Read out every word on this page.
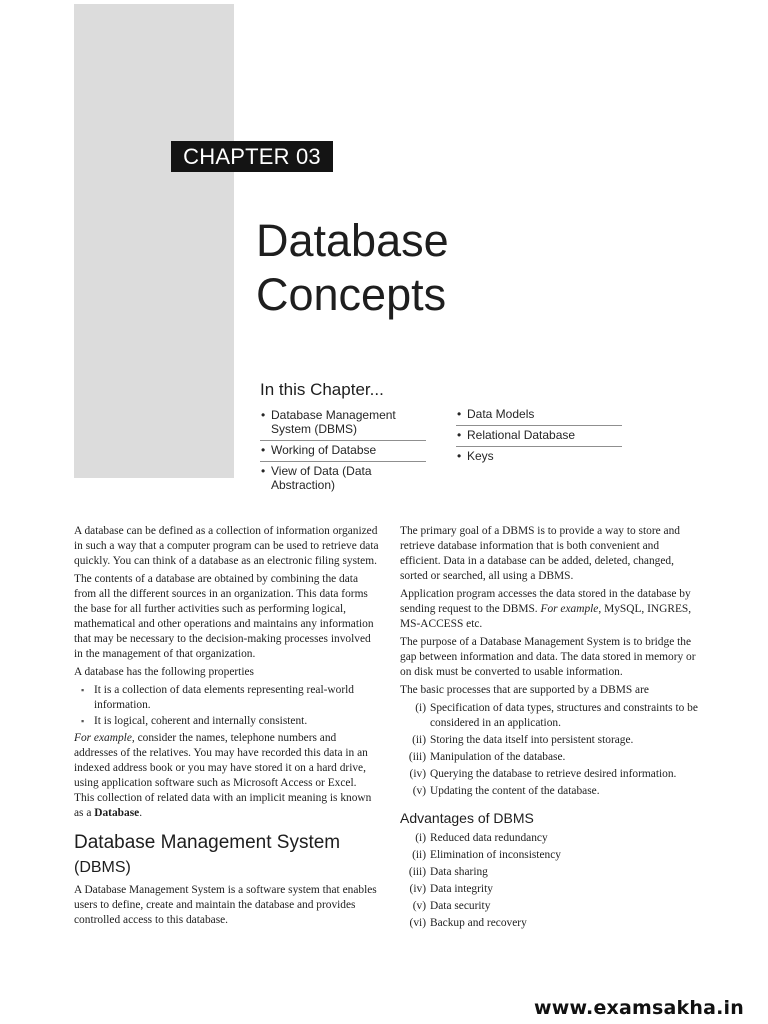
CHAPTER 03
Database
Concepts
In this Chapter...
• Database Management System (DBMS)
• Working of Databse
• View of Data (Data Abstraction)
• Data Models
• Relational Database
• Keys

A database can be defined as a collection of information organized in such a way that a computer program can be used to retrieve data quickly. You can think of a database as an electronic filing system.

The contents of a database are obtained by combining the data from all the different sources in an organization. This data forms the base for all further activities such as performing logical, mathematical and other operations and maintains any information that may be necessary to the decision-making processes involved in the management of that organization.

A database has the following properties

▪ It is a collection of data elements representing real-world information.
▪ It is logical, coherent and internally consistent.

For example, consider the names, telephone numbers and addresses of the relatives. You may have recorded this data in an indexed address book or you may have stored it on a hard drive, using application software such as Microsoft Access or Excel. This collection of related data with an implicit meaning is known as a Database.

Database Management System (DBMS)

A Database Management System is a software system that enables users to define, create and maintain the database and provides controlled access to this database.

The primary goal of a DBMS is to provide a way to store and retrieve database information that is both convenient and efficient. Data in a database can be added, deleted, changed, sorted or searched, all using a DBMS.

Application program accesses the data stored in the database by sending request to the DBMS. For example, MySQL, INGRES, MS-ACCESS etc.

The purpose of a Database Management System is to bridge the gap between information and data. The data stored in memory or on disk must be converted to usable information.

The basic processes that are supported by a DBMS are

(i) Specification of data types, structures and constraints to be considered in an application.
(ii) Storing the data itself into persistent storage.
(iii) Manipulation of the database.
(iv) Querying the database to retrieve desired information.
(v) Updating the content of the database.
Advantages of DBMS
(i) Reduced data redundancy
(ii) Elimination of inconsistency
(iii) Data sharing
(iv) Data integrity
(v) Data security
(vi) Backup and recovery
www.examsakha.in
